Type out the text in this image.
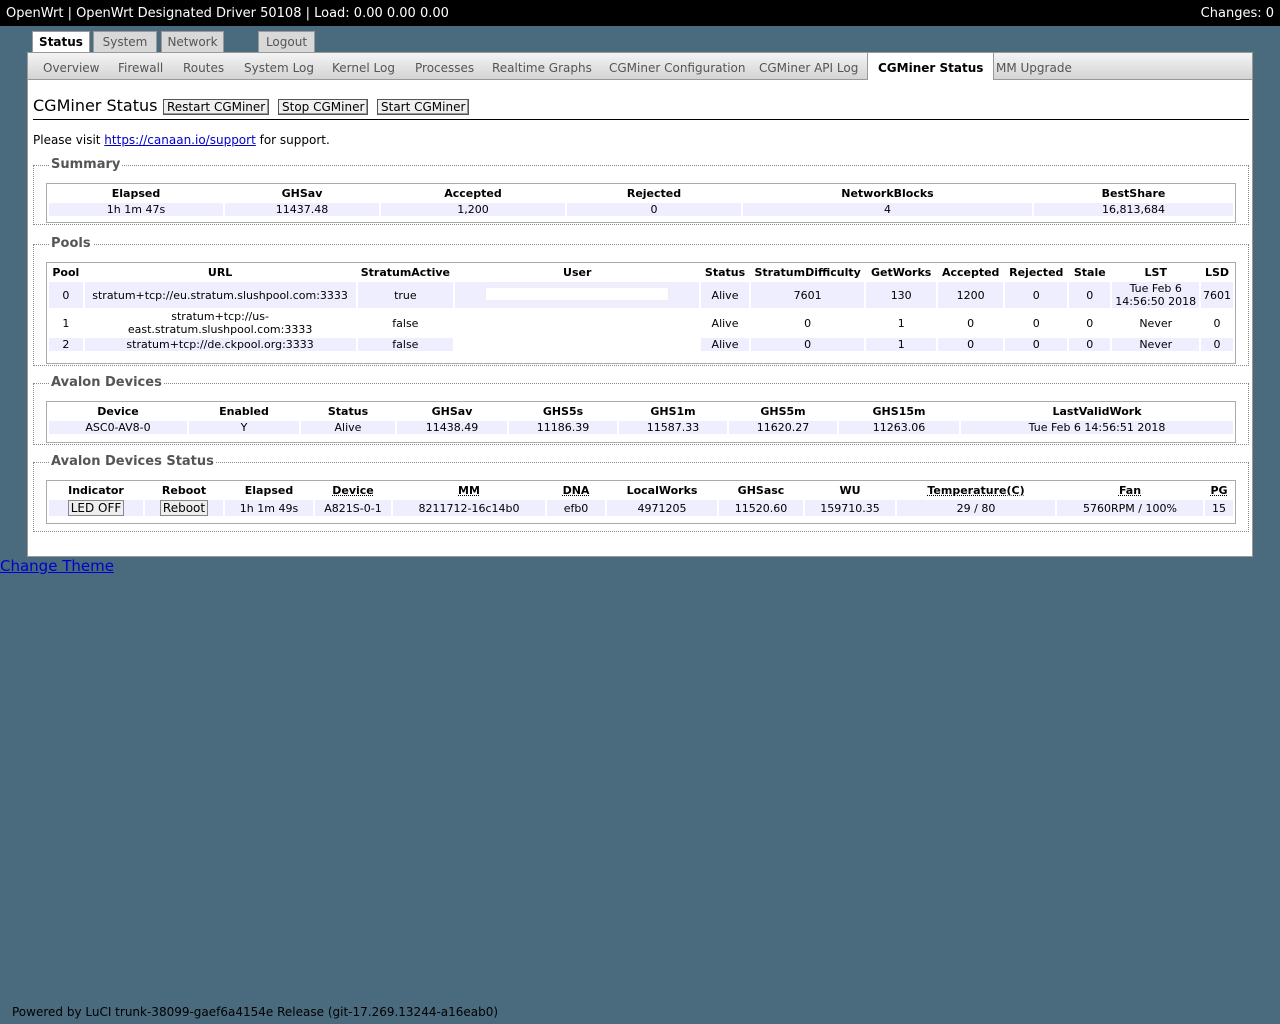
OpenWrt | OpenWrt Designated Driver 50108 | Load: 0.00 0.00 0.00	Changes: 0
Status	System	Network	Logout
Overview Firewall Routes System Log Kernel Log Processes Realtime Graphs CGMiner Configuration CGMiner API Log	CGMiner Status	MM Upgrade
CGMiner Status Restart CGMiner	Stop CGMiner	Start CGMiner
Please visit https://canaan.io/support for support.
Summary
Elapsed	GHSav	Accepted	Rejected	NetworkBlocks	BestShare
1h 1m 47s	11437.48	1,200	0	4	16,813,684
Pools
Pool	URL	StratumActive	User	Status	StratumDifficulty	GetWorks	Accepted	Rejected	Stale	LST	LSD
0	stratum+tcp://eu.stratum.slushpool.com:3333	true		Alive	7601	130	1200	0	0	Tue Feb 6 14:56:50 2018	7601
1	stratum+tcp://us-east.stratum.slushpool.com:3333	false		Alive	0	1	0	0	0	Never	0
2	stratum+tcp://de.ckpool.org:3333	false		Alive	0	1	0	0	0	Never	0
Avalon Devices
Device	Enabled	Status	GHSav	GHS5s	GHS1m	GHS5m	GHS15m	LastValidWork
ASC0-AV8-0	Y	Alive	11438.49	11186.39	11587.33	11620.27	11263.06	Tue Feb 6 14:56:51 2018
Avalon Devices Status
Indicator	Reboot	Elapsed	Device	MM	DNA	LocalWorks	GHSasc	WU	Temperature(C)	Fan	PG
LED OFF	Reboot	1h 1m 49s	A821S-0-1	8211712-16c14b0	efb0	4971205	11520.60	159710.35	29 / 80	5760RPM / 100%	15
Change Theme
Powered by LuCI trunk-38099-gaef6a4154e Release (git-17.269.13244-a16eab0)
